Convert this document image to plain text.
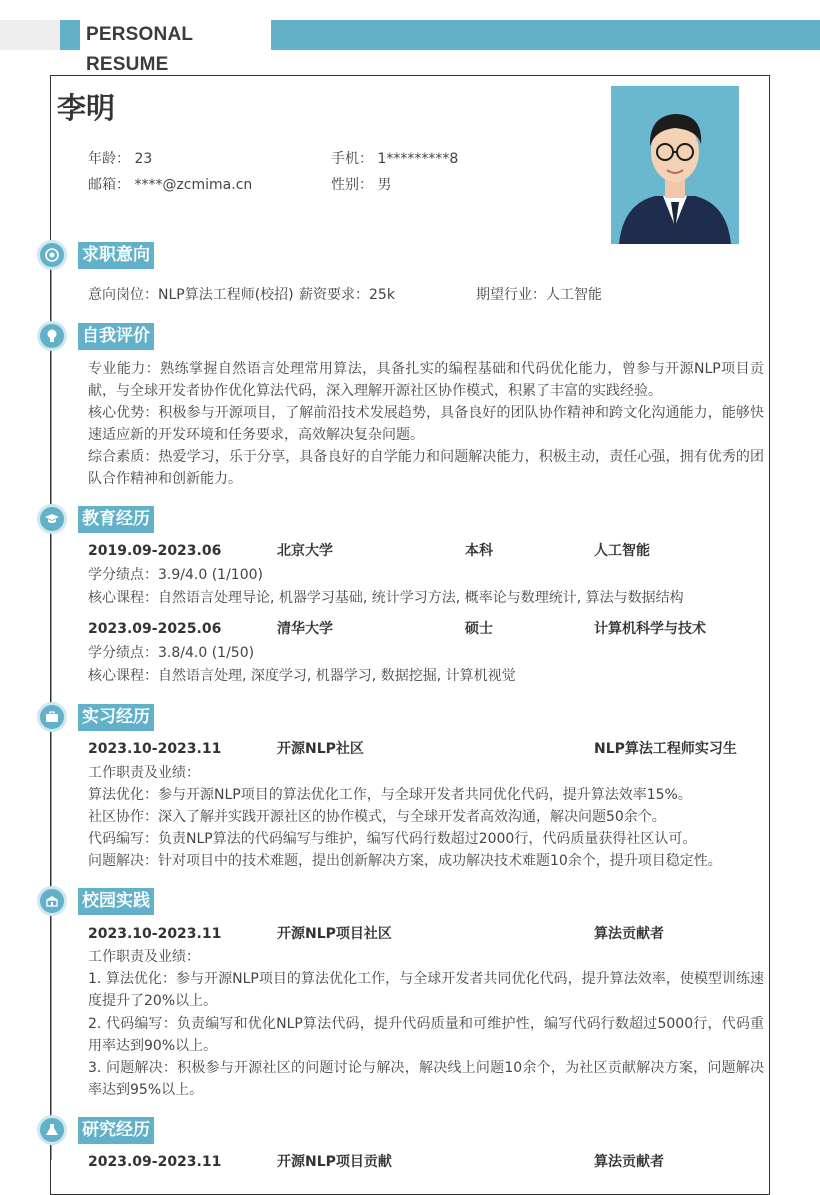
PERSONAL RESUME
李明
年龄： 23	手机： 1*********8
邮箱： ****@zcmima.cn	性别： 男
求职意向
意向岗位：NLP算法工程师(校招) 薪资要求：25k	期望行业：人工智能
自我评价
专业能力：熟练掌握自然语言处理常用算法，具备扎实的编程基础和代码优化能力，曾参与开源NLP项目贡献，与全球开发者协作优化算法代码，深入理解开源社区协作模式，积累了丰富的实践经验。
核心优势：积极参与开源项目，了解前沿技术发展趋势，具备良好的团队协作精神和跨文化沟通能力，能够快速适应新的开发环境和任务要求，高效解决复杂问题。
综合素质：热爱学习，乐于分享，具备良好的自学能力和问题解决能力，积极主动，责任心强，拥有优秀的团队合作精神和创新能力。
教育经历
2019.09-2023.06	北京大学	本科	人工智能
学分绩点：3.9/4.0 (1/100)
核心课程：自然语言处理导论, 机器学习基础, 统计学习方法, 概率论与数理统计, 算法与数据结构
2023.09-2025.06	清华大学	硕士	计算机科学与技术
学分绩点：3.8/4.0 (1/50)
核心课程：自然语言处理, 深度学习, 机器学习, 数据挖掘, 计算机视觉
实习经历
2023.10-2023.11	开源NLP社区	NLP算法工程师实习生
工作职责及业绩：
算法优化：参与开源NLP项目的算法优化工作，与全球开发者共同优化代码，提升算法效率15%。
社区协作：深入了解并实践开源社区的协作模式，与全球开发者高效沟通，解决问题50余个。
代码编写：负责NLP算法的代码编写与维护，编写代码行数超过2000行，代码质量获得社区认可。
问题解决：针对项目中的技术难题，提出创新解决方案，成功解决技术难题10余个，提升项目稳定性。
校园实践
2023.10-2023.11	开源NLP项目社区	算法贡献者
工作职责及业绩：
1. 算法优化：参与开源NLP项目的算法优化工作，与全球开发者共同优化代码，提升算法效率，使模型训练速度提升了20%以上。
2. 代码编写：负责编写和优化NLP算法代码，提升代码质量和可维护性，编写代码行数超过5000行，代码重用率达到90%以上。
3. 问题解决：积极参与开源社区的问题讨论与解决，解决线上问题10余个，为社区贡献解决方案，问题解决率达到95%以上。
研究经历
2023.09-2023.11	开源NLP项目贡献	算法贡献者
